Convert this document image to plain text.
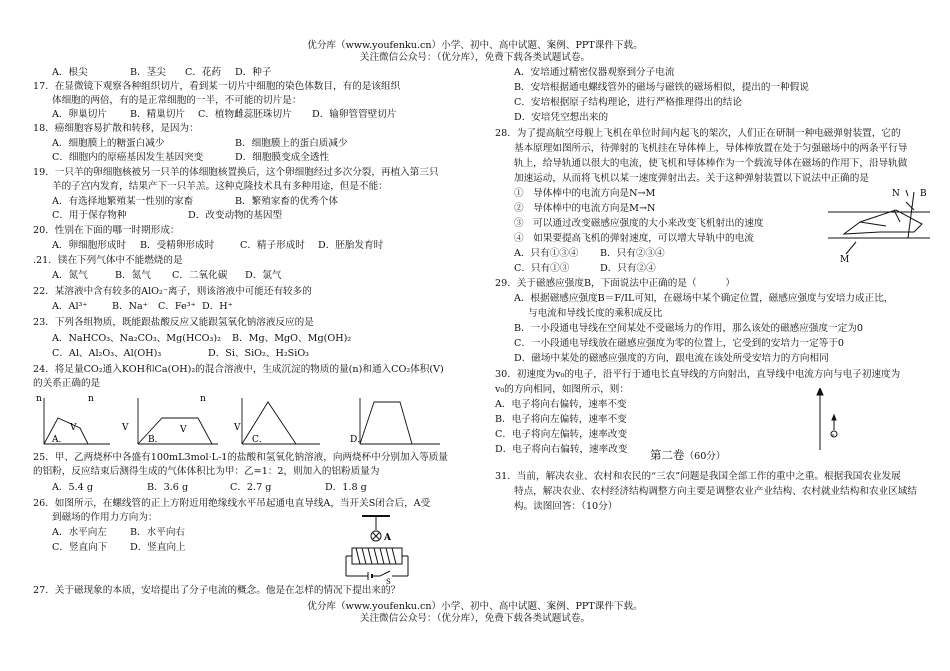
优分库（www.youfenku.cn）小学、初中、高中试题、案例、PPT课件下载。
关注微信公众号：（优分库），免费下载各类试题试卷。
A．根尖	B．茎尖 C．花药 D．种子
17．在显微镜下观察各种组织切片，看到某一切片中细胞的染色体数目，有的是该组织
体细胞的两倍，有的是正常细胞的一半，不可能的切片是：
A．卵巢切片 B．精巢切片 C．植物雌蕊胚珠切片 D．输卵管管壁切片
18．癌细胞容易扩散和转移，是因为：
A．细胞膜上的糖蛋白减少	B．细胞膜上的蛋白质减少
C．细胞内的原癌基因发生基因突变	D．细胞膜变成全透性
19．一只羊的卵细胞核被另一只羊的体细胞核置换后，这个卵细胞经过多次分裂，再植入第三只
羊的子宫内发育，结果产下一只羊羔。这种克隆技术具有多种用途，但是不能：
A．有选择地繁殖某一性别的家畜	B．繁殖家畜的优秀个体
C．用于保存物种	D．改变动物的基因型
20．性别在下面的哪一时期形成：
A．卵细胞形成时 B．受精卵形成时	C．精子形成时 D．胚胎发育时
.21．镁在下列气体中不能燃烧的是
A．氮气	B．氮气 C．二氧化碳 D．氯气
22．某溶液中含有较多的AlO₂⁻离子，则该溶液中可能还有较多的
A．Al³⁺	B．Na⁺ C．Fe³⁺ D．H⁺
23．下列各组物质，既能跟盐酸反应又能跟氢氧化钠溶液反应的是
A．NaHCO₃、Na₂CO₃、Mg(HCO₃)₂ B．Mg、MgO、Mg(OH)₂
C．Al、Al₂O₃、Al(OH)₃	D．Si、SiO₂、H₂SiO₃
24．将足量CO₂通入KOH和Ca(OH)₂的混合溶液中，生成沉淀的物质的量(n)和通入CO₂体积(V)
的关系正确的是
n
V
A．
n
V	V
B．
n
V
C．	D．
25．甲、乙两烧杯中各盛有100mL3mol·L-1的盐酸和氢氧化钠溶液，向两烧杯中分别加入等质量
的铝粉，反应结束后测得生成的气体体积比为甲：乙=1：2，则加入的铝粉质量为
A．5.4 g	B．3.6 g	C．2.7 g	D．1.8 g
26．如图所示，在螺线管的正上方附近用绝缘线水平吊起通电直导线A，当开关S闭合后，A受
到磁场的作用力方向为：
A．水平向左 B．水平向右
C．竖直向下 D．竖直向上
A
S
27．关于磁现象的本质，安培提出了分子电流的概念。他是在怎样的情况下提出来的？
A．安培通过精密仪器观察到分子电流
B．安培根据通电螺线管外的磁场与磁铁的磁场相似，提出的一种假说
C．安培根据原子结构理论，进行严格推理得出的结论
D．安培凭空想出来的
28．为了提高航空母舰上飞机在单位时间内起飞的架次，人们正在研制一种电磁弹射装置，它的
基本原理如图所示，待弹射的飞机挂在导体棒上，导体棒放置在处于匀强磁场中的两条平行导
轨上，给导轨通以很大的电流，使飞机和导体棒作为一个载流导体在磁场的作用下，沿导轨做
加速运动，从而将飞机以某一速度弹射出去。关于这种弹射装置以下说法中正确的是
①　导体棒中的电流方向是N→M
②　导体棒中的电流方向是M→N
③　可以通过改变磁感应强度的大小来改变飞机射出的速度
④　如果要提高飞机的弹射速度，可以增大导轨中的电流
A．只有①③④ B．只有②③④
C．只有①③	D．只有②④
N B
M
29．关于磁感应强度B，下面说法中正确的是（　　　）
A．根据磁感应强度B＝F/IL可知，在磁场中某个确定位置，磁感应强度与安培力成正比，
与电流和导线长度的乘积成反比
B．一小段通电导线在空间某处不受磁场力的作用，那么该处的磁感应强度一定为0
C．一小段通电导线放在磁感应强度为零的位置上，它受到的安培力一定等于0
D．磁场中某处的磁感应强度的方向，跟电流在该处所受安培力的方向相同
30．初速度为v₀的电子，沿平行于通电长直导线的方向射出，直导线中电流方向与电子初速度为
v₀的方向相同，如图所示，则：
A．电子将向右偏转，速率不变
B．电子将向左偏转，速率不变
C．电子将向左偏转，速率改变
D．电子将向右偏转，速率改变
e
第二卷（60分）
31．当前，解决农业、农村和农民的“三农”问题是我国全部工作的重中之重。根据我国农业发展
特点，解决农业、农村经济结构调整方向主要是调整农业产业结构、农村就业结构和农业区域结
构。读图回答：（10分）
优分库（www.youfenku.cn）小学、初中、高中试题、案例、PPT课件下载。
关注微信公众号：（优分库），免费下载各类试题试卷。
